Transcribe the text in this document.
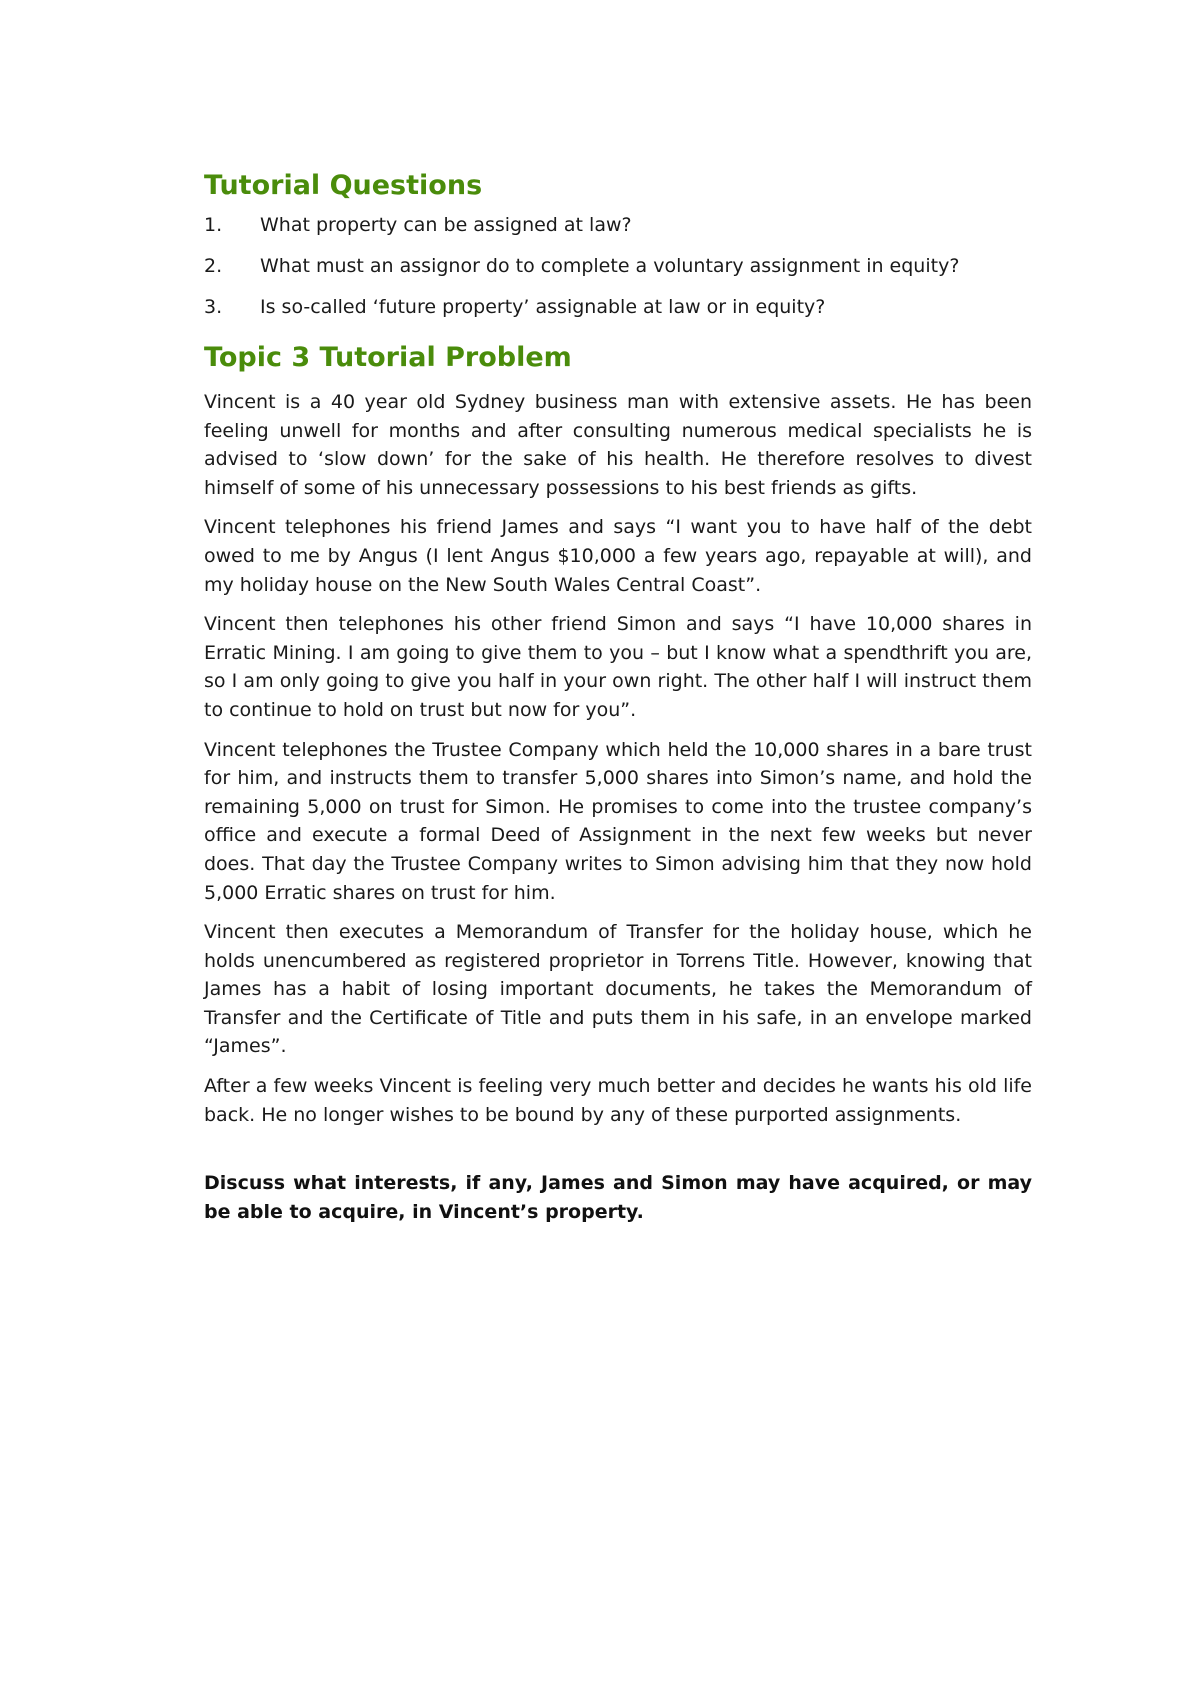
Tutorial Questions
1.	What property can be assigned at law?
2.	What must an assignor do to complete a voluntary assignment in equity?
3.	Is so-called ‘future property’ assignable at law or in equity?
Topic 3 Tutorial Problem

Vincent is a 40 year old Sydney business man with extensive assets. He has been feeling unwell for months and after consulting numerous medical specialists he is advised to ‘slow down’ for the sake of his health. He therefore resolves to divest himself of some of his unnecessary possessions to his best friends as gifts.

Vincent telephones his friend James and says “I want you to have half of the debt owed to me by Angus (I lent Angus $10,000 a few years ago, repayable at will), and my holiday house on the New South Wales Central Coast”.

Vincent then telephones his other friend Simon and says “I have 10,000 shares in Erratic Mining. I am going to give them to you – but I know what a spendthrift you are, so I am only going to give you half in your own right. The other half I will instruct them to continue to hold on trust but now for you”.

Vincent telephones the Trustee Company which held the 10,000 shares in a bare trust for him, and instructs them to transfer 5,000 shares into Simon’s name, and hold the remaining 5,000 on trust for Simon. He promises to come into the trustee company’s office and execute a formal Deed of Assignment in the next few weeks but never does. That day the Trustee Company writes to Simon advising him that they now hold 5,000 Erratic shares on trust for him.

Vincent then executes a Memorandum of Transfer for the holiday house, which he holds unencumbered as registered proprietor in Torrens Title. However, knowing that James has a habit of losing important documents, he takes the Memorandum of Transfer and the Certificate of Title and puts them in his safe, in an envelope marked “James”.

After a few weeks Vincent is feeling very much better and decides he wants his old life back. He no longer wishes to be bound by any of these purported assignments.

Discuss what interests, if any, James and Simon may have acquired, or may be able to acquire, in Vincent’s property.
